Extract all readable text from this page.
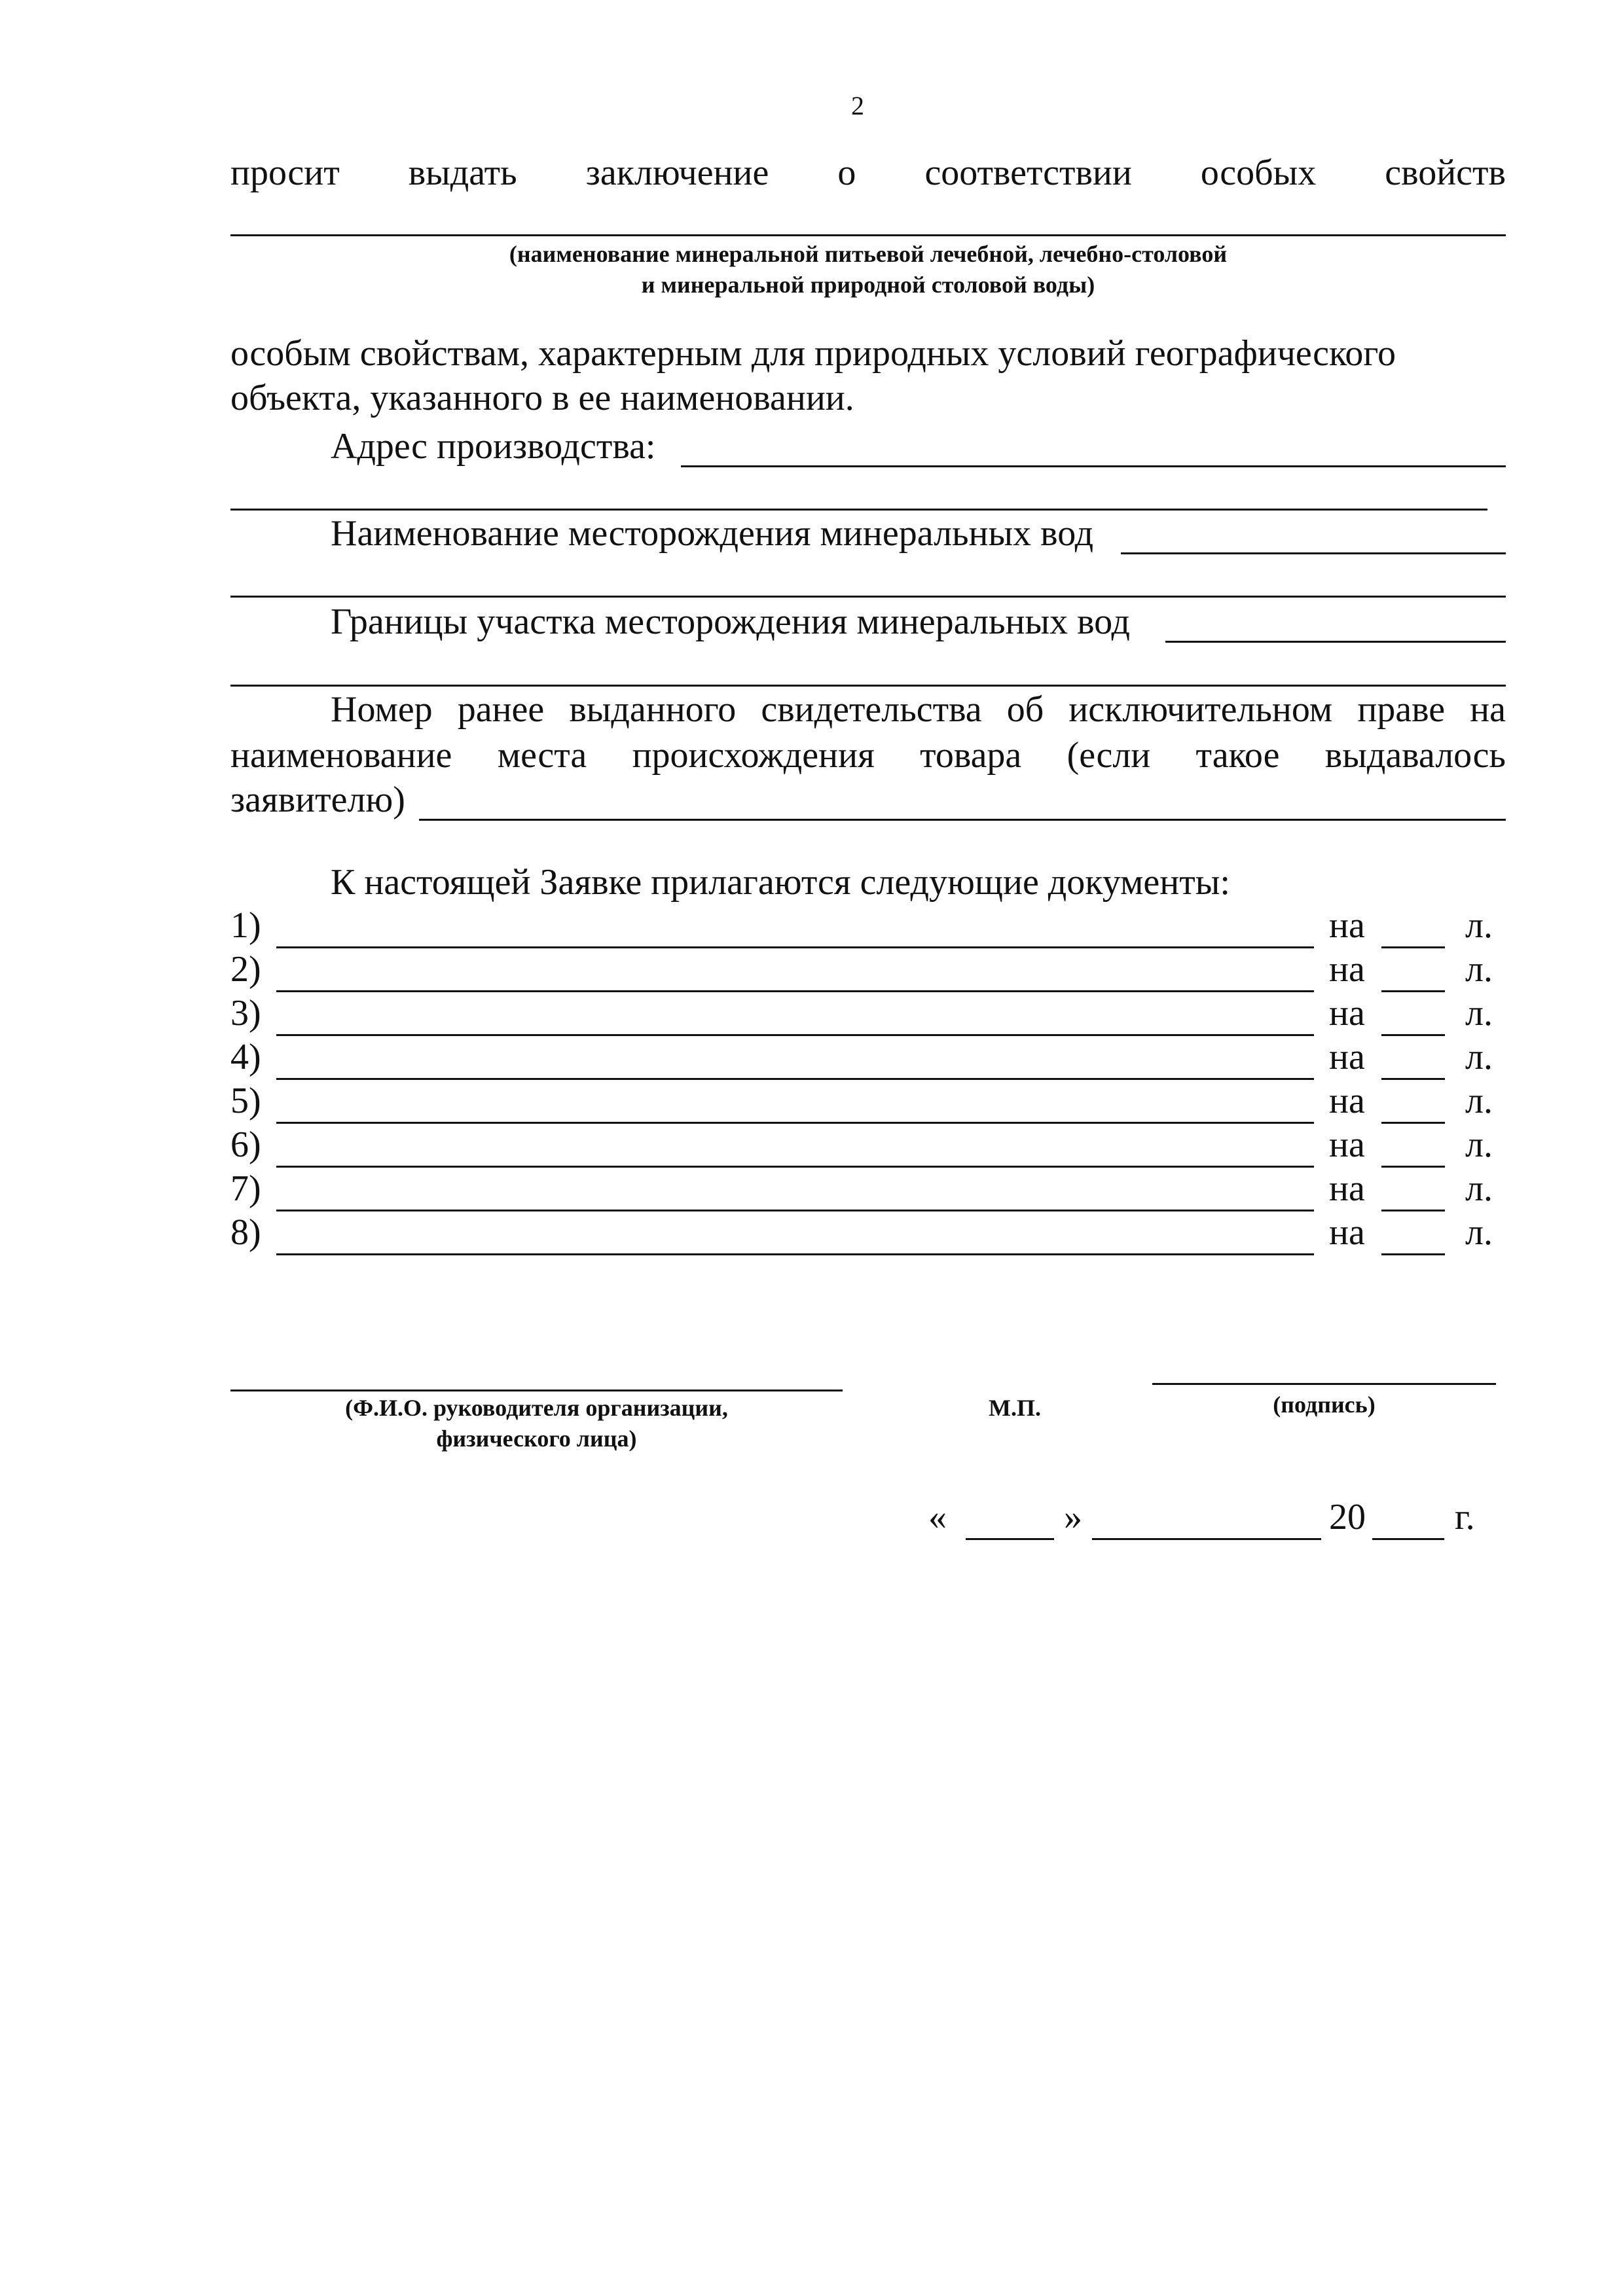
2
просит выдать заключение о соответствии особых свойств
(наименование минеральной питьевой лечебной, лечебно-столовой
и минеральной природной столовой воды)
особым свойствам, характерным для природных условий географического
объекта, указанного в ее наименовании.
Адрес производства:
Наименование месторождения минеральных вод
Границы участка месторождения минеральных вод
Номер ранее выданного свидетельства об исключительном праве на
наименование места происхождения товара (если такое выдавалось
заявителю)
К настоящей Заявке прилагаются следующие документы:
1)	на	л.
2)	на	л.
3)	на	л.
4)	на	л.
5)	на	л.
6)	на	л.
7)	на	л.
8)	на	л.
(Ф.И.О. руководителя организации,
физического лица)
М.П.	(подпись)
«	»	20 г.
